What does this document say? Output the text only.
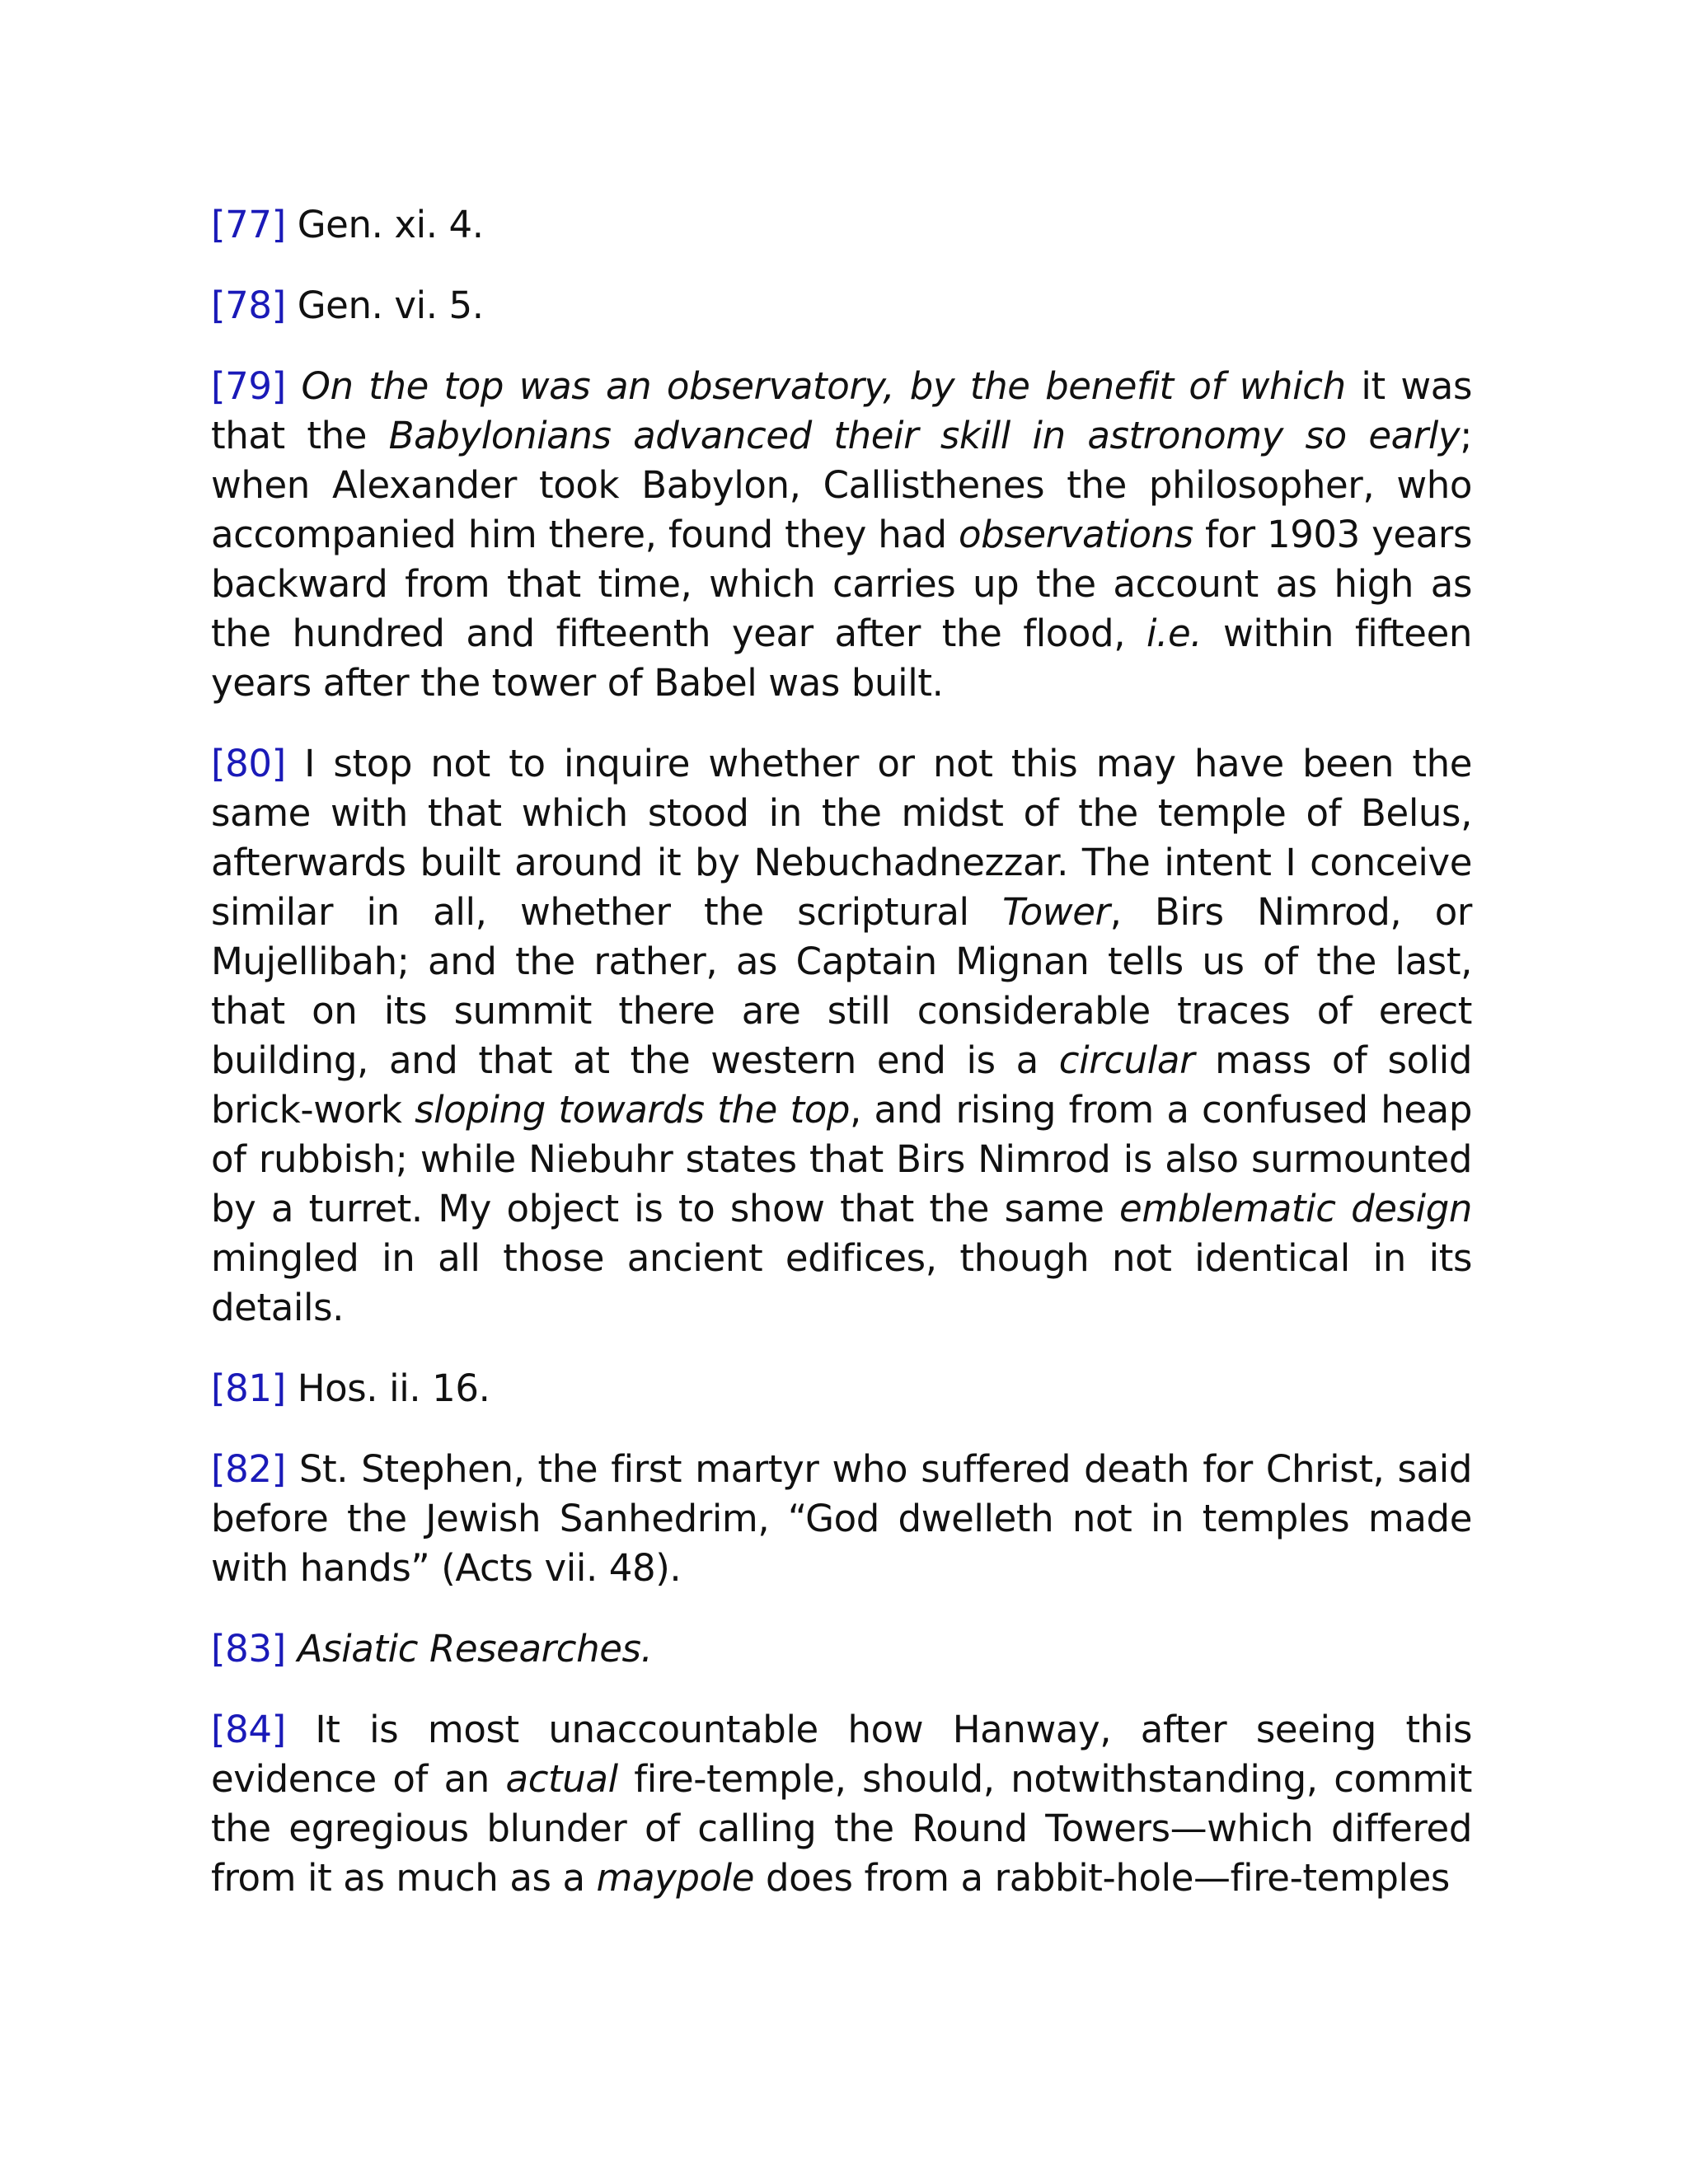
[77] Gen. xi. 4.

[78] Gen. vi. 5.

[79] On the top was an observatory, by the benefit of which it was that the Babylonians advanced their skill in astronomy so early; when Alexander took Babylon, Callisthenes the philosopher, who accompanied him there, found they had observations for 1903 years backward from that time, which carries up the account as high as the hundred and fifteenth year after the flood, i.e. within fifteen years after the tower of Babel was built.

[80] I stop not to inquire whether or not this may have been the same with that which stood in the midst of the temple of Belus, afterwards built around it by Nebuchadnezzar. The intent I conceive similar in all, whether the scriptural Tower, Birs Nimrod, or Mujellibah; and the rather, as Captain Mignan tells us of the last, that on its summit there are still considerable traces of erect building, and that at the western end is a circular mass of solid brick-work sloping towards the top, and rising from a confused heap of rubbish; while Niebuhr states that Birs Nimrod is also surmounted by a turret. My object is to show that the same emblematic design mingled in all those ancient edifices, though not identical in its details.

[81] Hos. ii. 16.

[82] St. Stephen, the first martyr who suffered death for Christ, said before the Jewish Sanhedrim, “God dwelleth not in temples made with hands” (Acts vii. 48).

[83] Asiatic Researches.

[84] It is most unaccountable how Hanway, after seeing this evidence of an actual fire-temple, should, notwithstanding, commit the egregious blunder of calling the Round Towers—which differed from it as much as a maypole does from a rabbit-hole—fire-temples
